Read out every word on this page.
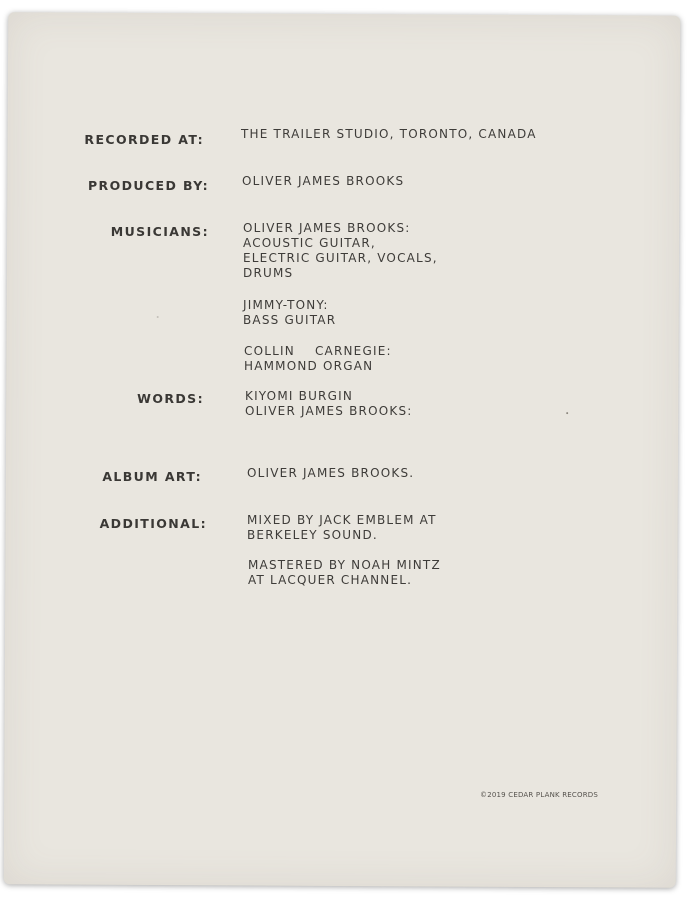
RECORDED AT:	THE TRAILER STUDIO, TORONTO, CANADA
PRODUCED BY:	OLIVER JAMES BROOKS
MUSICIANS:	OLIVER JAMES BROOKS:
ACOUSTIC GUITAR,
ELECTRIC GUITAR, VOCALS,
DRUMS
JIMMY-TONY:
BASS GUITAR
COLLIN    CARNEGIE:
HAMMOND ORGAN
WORDS:	KIYOMI BURGIN
OLIVER JAMES BROOKS:
ALBUM ART:	OLIVER JAMES BROOKS.
ADDITIONAL:	MIXED BY JACK EMBLEM AT
BERKELEY SOUND.
MASTERED BY NOAH MINTZ
AT LACQUER CHANNEL.
©2019 CEDAR PLANK RECORDS
